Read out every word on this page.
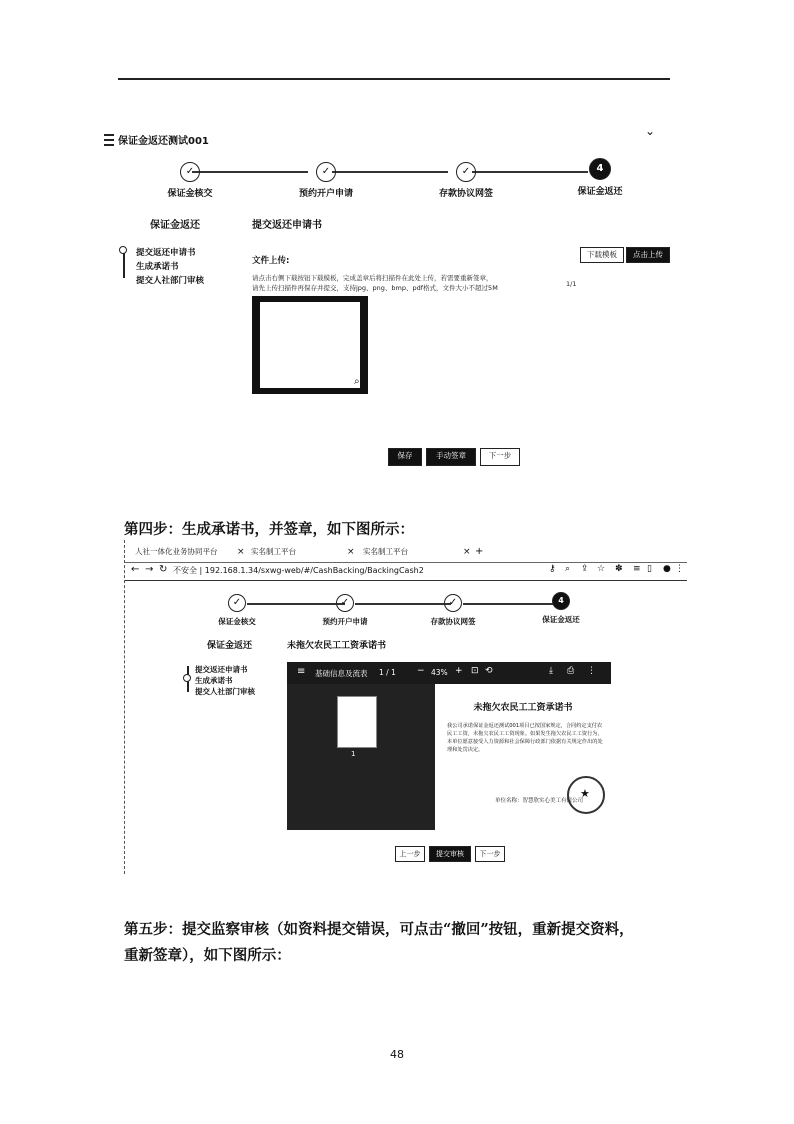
保证金返还测试001
⌄
✓
保证金核交
✓	预约开户申请
✓	存款协议网签
4
保证金返还
保证金返还	提交返还申请书
提交返还申请书
生成承诺书
提交人社部门审核
文件上传:
下载模板	点击上传
请点击右侧下载按钮下载模板，完成盖章后将扫描件在此处上传，若需要重新签章，
请先上传扫描件再保存并提交，支持jpg、png、bmp、pdf格式，文件大小不超过5M	1/1
⌕
保存	手动签章	下一步
第四步：生成承诺书，并签章，如下图所示：
人社一体化业务协同平台 × 实名制工平台	× 实名制工平台	× +
← → ↻ 不安全 | 192.168.1.34/sxwg-web/#/CashBacking/BackingCash2	⚷ ⌕ ⇪ ☆ ✽ ≡ ▯ ● ⋮
✓
保证金核交
✓	预约开户申请
✓	存款协议网签
4
保证金返还
保证金返还	未拖欠农民工工资承诺书
提交返还申请书
生成承诺书
提交人社部门审核
≡ 基础信息及流表 1 / 1 − 43% + ⊡ ⟲	⤓ ⎙ ⋮
1
未拖欠农民工工资承诺书
我公司承诺保证金返还测试001项目已按国家规定，合同约定支付农民工工资，未拖欠农民工工资现象。如果发生拖欠农民工工资行为，本单位愿意接受人力资源和社会保障行政部门依据有关规定作出的处理和处罚决定。
单位名称：智慧欣实心美工有限公司
★
上一步	提交审核	下一步
第五步：提交监察审核（如资料提交错误，可点击“撤回”按钮，重新提交资料，
重新签章），如下图所示：
48
